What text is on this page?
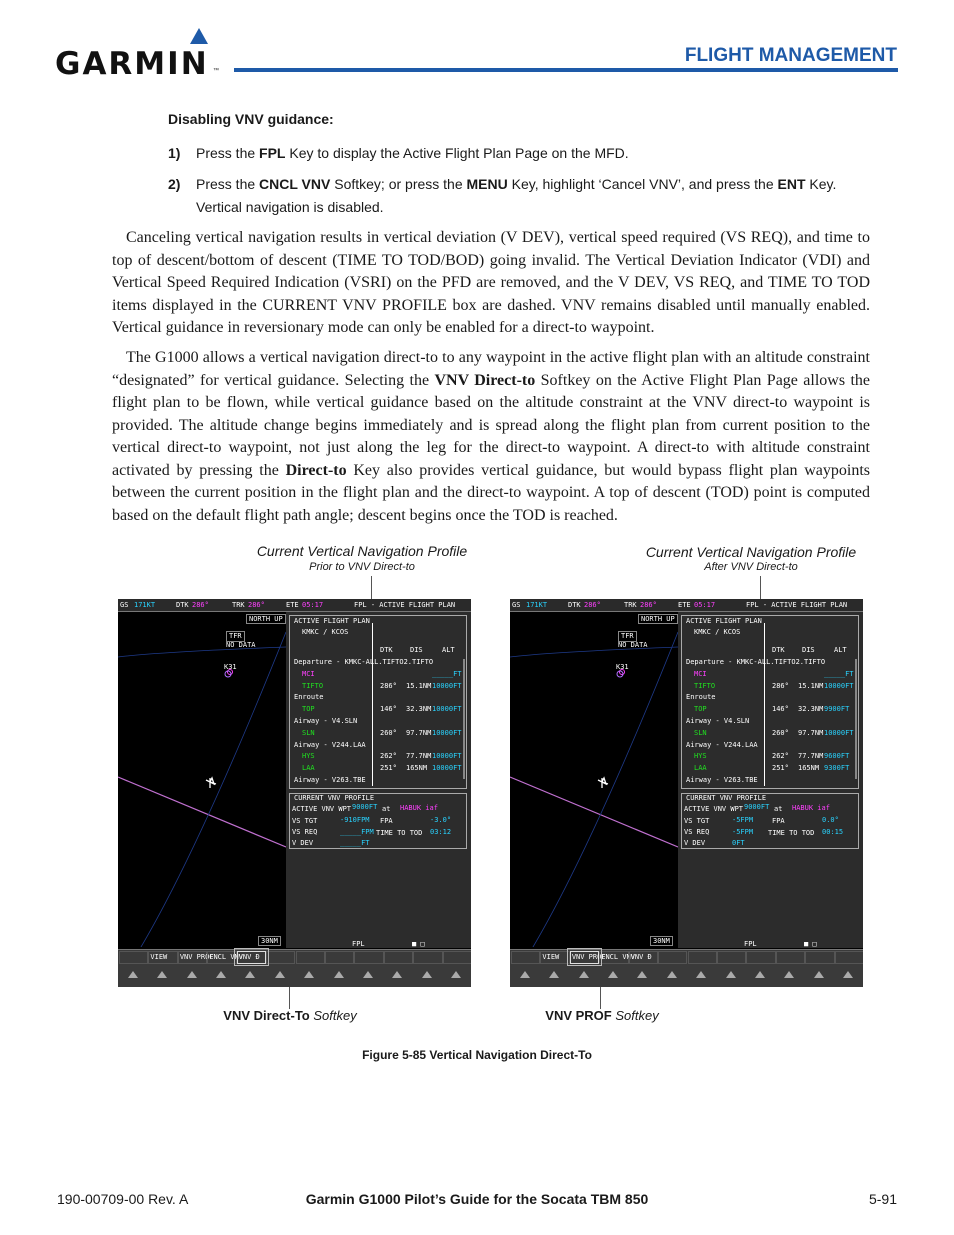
GARMIN ™
FLIGHT MANAGEMENT
Disabling VNV guidance:
1) Press the FPL Key to display the Active Flight Plan Page on the MFD.
2) Press the CNCL VNV Softkey; or press the MENU Key, highlight ‘Cancel VNV’, and press the ENT Key. Vertical navigation is disabled.
Canceling vertical navigation results in vertical deviation (V DEV), vertical speed required (VS REQ), and time to top of descent/bottom of descent (TIME TO TOD/BOD) going invalid. The Vertical Deviation Indicator (VDI) and Vertical Speed Required Indication (VSRI) on the PFD are removed, and the V DEV, VS REQ, and TIME TO TOD items displayed in the CURRENT VNV PROFILE box are dashed. VNV remains disabled until manually enabled. Vertical guidance in reversionary mode can only be enabled for a direct-to waypoint.
The G1000 allows a vertical navigation direct-to to any waypoint in the active flight plan with an altitude constraint “designated” for vertical guidance. Selecting the VNV Direct-to Softkey on the Active Flight Plan Page allows the flight plan to be flown, while vertical guidance based on the altitude constraint at the VNV direct-to waypoint is provided. The altitude change begins immediately and is spread along the flight plan from current position to the vertical direct-to waypoint, not just along the leg for the direct-to waypoint. A direct-to with altitude constraint activated by pressing the Direct-to Key also provides vertical guidance, but would bypass flight plan waypoints between the current position in the flight plan and the direct-to waypoint. A top of descent (TOD) point is computed based on the default flight path angle; descent begins once the TOD is reached.
Current Vertical Navigation Profile
Prior to VNV Direct-to
Current Vertical Navigation Profile
After VNV Direct-to
GS 171KT	DTK 286°	TRK 286°	ETE 05:17	FPL - ACTIVE FLIGHT PLAN
K31
NORTH UP
TFR
NO DATA
30NM
ACTIVE FLIGHT PLAN
KMKC / KCOS
DTK DIS	ALT
Departure - KMKC-ALL.TIFTO2.TIFTO
MCI	_____FT
TIFTO	286° 15.1NM 10000FT
Enroute
TOP	146° 32.3NM 10000FT
Airway - V4.SLN
SLN	260° 97.7NM 10000FT
Airway - V244.LAA
HYS	262° 77.7NM 10000FT
LAA	251° 165NM 10000FT
Airway - V263.TBE
CURRENT VNV PROFILE
ACTIVE VNV WPT 9000FT at HABUK iaf
VS TGT	-910FPM FPA	-3.0°
VS REQ	_____FPM TIME TO TOD 03:12
V DEV	_____FT
FPL	■ □
VIEW VNV PROF
CNCL VNV
VNV Ð
GS 171KT	DTK 286°	TRK 286°	ETE 05:17	FPL - ACTIVE FLIGHT PLAN
K31
NORTH UP
TFR
NO DATA
30NM
ACTIVE FLIGHT PLAN
KMKC / KCOS
DTK DIS	ALT
Departure - KMKC-ALL.TIFTO2.TIFTO
MCI	_____FT
TIFTO	286° 15.1NM 10000FT
Enroute
TOP	146° 32.3NM 9900FT
Airway - V4.SLN
SLN	260° 97.7NM 10000FT
Airway - V244.LAA
HYS	262° 77.7NM 9600FT
LAA	251° 165NM 9300FT
Airway - V263.TBE
CURRENT VNV PROFILE
ACTIVE VNV WPT 9000FT at HABUK iaf
VS TGT	-5FPM	FPA	0.0°
VS REQ	-5FPM TIME TO TOD 00:15
V DEV	0FT
FPL	■ □
VIEW VNV PROF
CNCL VNV
VNV Ð
VNV Direct-To Softkey	VNV PROF Softkey
Figure 5-85 Vertical Navigation Direct-To
190-00709-00 Rev. A	Garmin G1000 Pilot’s Guide for the Socata TBM 850	5-91
